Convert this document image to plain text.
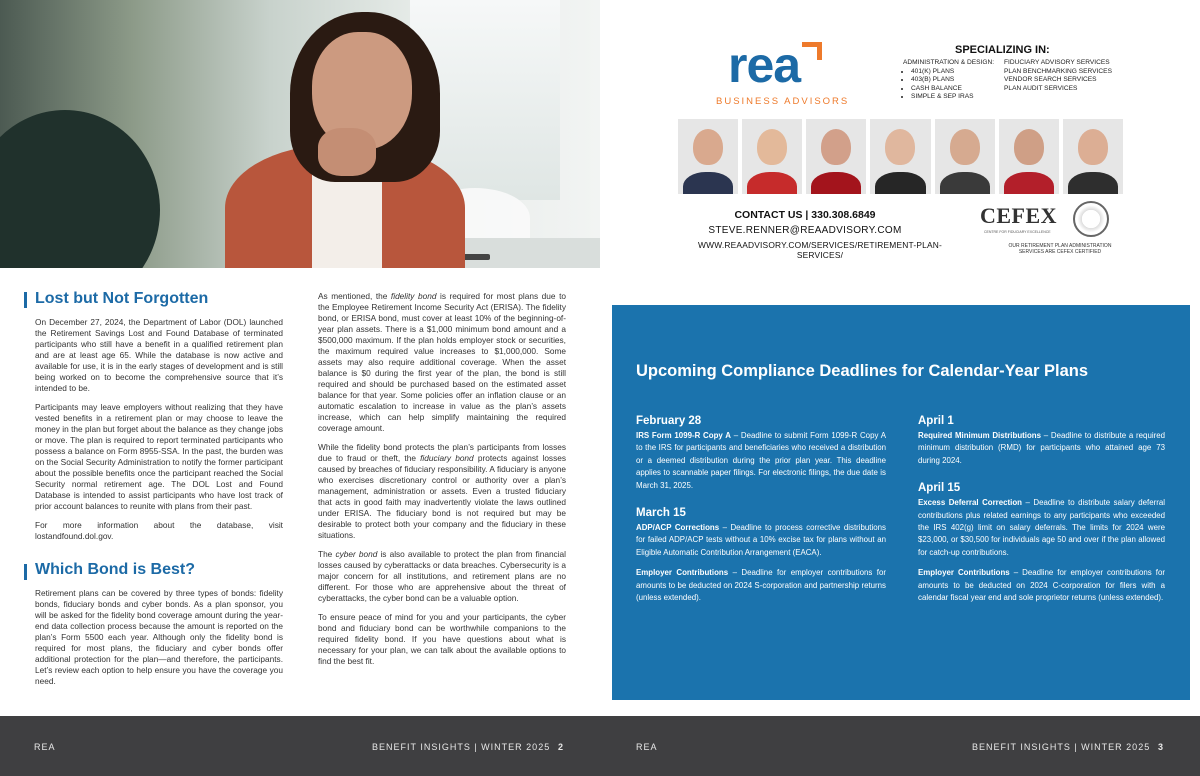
rea
BUSINESS ADVISORS
SPECIALIZING IN:
ADMINISTRATION & DESIGN:
• 401(K) PLANS
• 403(B) PLANS
• CASH BALANCE
• SIMPLE & SEP IRAS
FIDUCIARY ADVISORY SERVICES
PLAN BENCHMARKING SERVICES
VENDOR SEARCH SERVICES
PLAN AUDIT SERVICES
CONTACT US | 330.308.6849
STEVE.RENNER@REAADVISORY.COM
WWW.REAADVISORY.COM/SERVICES/RETIREMENT-PLAN-SERVICES/
CEFEX
CENTRE FOR FIDUCIARY EXCELLENCE
OUR RETIREMENT PLAN ADMINISTRATION SERVICES ARE CEFEX CERTIFIED
Lost but Not Forgotten

On December 27, 2024, the Department of Labor (DOL) launched the Retirement Savings Lost and Found Database of terminated participants who still have a benefit in a qualified retirement plan and are at least age 65. While the database is now active and available for use, it is in the early stages of development and is still being worked on to become the comprehensive source that it’s intended to be.

Participants may leave employers without realizing that they have vested benefits in a retirement plan or may choose to leave the money in the plan but forget about the balance as they change jobs or move. The plan is required to report terminated participants who possess a balance on Form 8955-SSA. In the past, the burden was on the Social Security Administration to notify the former participant about the possible benefits once the participant reached the Social Security normal retirement age. The DOL Lost and Found Database is intended to assist participants who have lost track of prior account balances to reunite with plans from their past.

For more information about the database, visit lostandfound.dol.gov.

Which Bond is Best?

Retirement plans can be covered by three types of bonds: fidelity bonds, fiduciary bonds and cyber bonds. As a plan sponsor, you will be asked for the fidelity bond coverage amount during the year-end data collection process because the amount is reported on the plan’s Form 5500 each year. Although only the fidelity bond is required for most plans, the fiduciary and cyber bonds offer additional protection for the plan—and therefore, the participants. Let’s review each option to help ensure you have the coverage you need.

As mentioned, the fidelity bond is required for most plans due to the Employee Retirement Income Security Act (ERISA). The fidelity bond, or ERISA bond, must cover at least 10% of the beginning-of-year plan assets. There is a $1,000 minimum bond amount and a $500,000 maximum. If the plan holds employer stock or securities, the maximum required value increases to $1,000,000. Some assets may also require additional coverage. When the asset balance is $0 during the first year of the plan, the bond is still required and should be purchased based on the estimated asset balance for that year. Some policies offer an inflation clause or an automatic escalation to increase in value as the plan’s assets increase, which can help simplify maintaining the required coverage amount.

While the fidelity bond protects the plan’s participants from losses due to fraud or theft, the fiduciary bond protects against losses caused by breaches of fiduciary responsibility. A fiduciary is anyone who exercises discretionary control or authority over a plan’s management, administration or assets. Even a trusted fiduciary that acts in good faith may inadvertently violate the laws outlined under ERISA. The fiduciary bond is not required but may be desirable to protect both your company and the fiduciary in these situations.

The cyber bond is also available to protect the plan from financial losses caused by cyberattacks or data breaches. Cybersecurity is a major concern for all institutions, and retirement plans are no different. For those who are apprehensive about the threat of cyberattacks, the cyber bond can be a valuable option.

To ensure peace of mind for you and your participants, the cyber bond and fiduciary bond can be worthwhile companions to the required fidelity bond. If you have questions about what is necessary for your plan, we can talk about the available options to find the best fit.

Upcoming Compliance Deadlines for Calendar-Year Plans
February 28

IRS Form 1099-R Copy A – Deadline to submit Form 1099-R Copy A to the IRS for participants and beneficiaries who received a distribution or a deemed distribution during the prior plan year. This deadline applies to scannable paper filings. For electronic filings, the due date is March 31, 2025.

March 15

ADP/ACP Corrections – Deadline to process corrective distributions for failed ADP/ACP tests without a 10% excise tax for plans without an Eligible Automatic Contribution Arrangement (EACA).

Employer Contributions – Deadline for employer contributions for amounts to be deducted on 2024 S-corporation and partnership returns (unless extended).

April 1

Required Minimum Distributions – Deadline to distribute a required minimum distribution (RMD) for participants who attained age 73 during 2024.

April 15

Excess Deferral Correction – Deadline to distribute salary deferral contributions plus related earnings to any participants who exceeded the IRS 402(g) limit on salary deferrals. The limits for 2024 were $23,000, or $30,500 for individuals age 50 and over if the plan allowed for catch-up contributions.

Employer Contributions – Deadline for employer contributions for amounts to be deducted on 2024 C-corporation for filers with a calendar fiscal year end and sole proprietor returns (unless extended).

REA	BENEFIT INSIGHTS | WINTER 2025 2	REA	BENEFIT INSIGHTS | WINTER 2025 3
